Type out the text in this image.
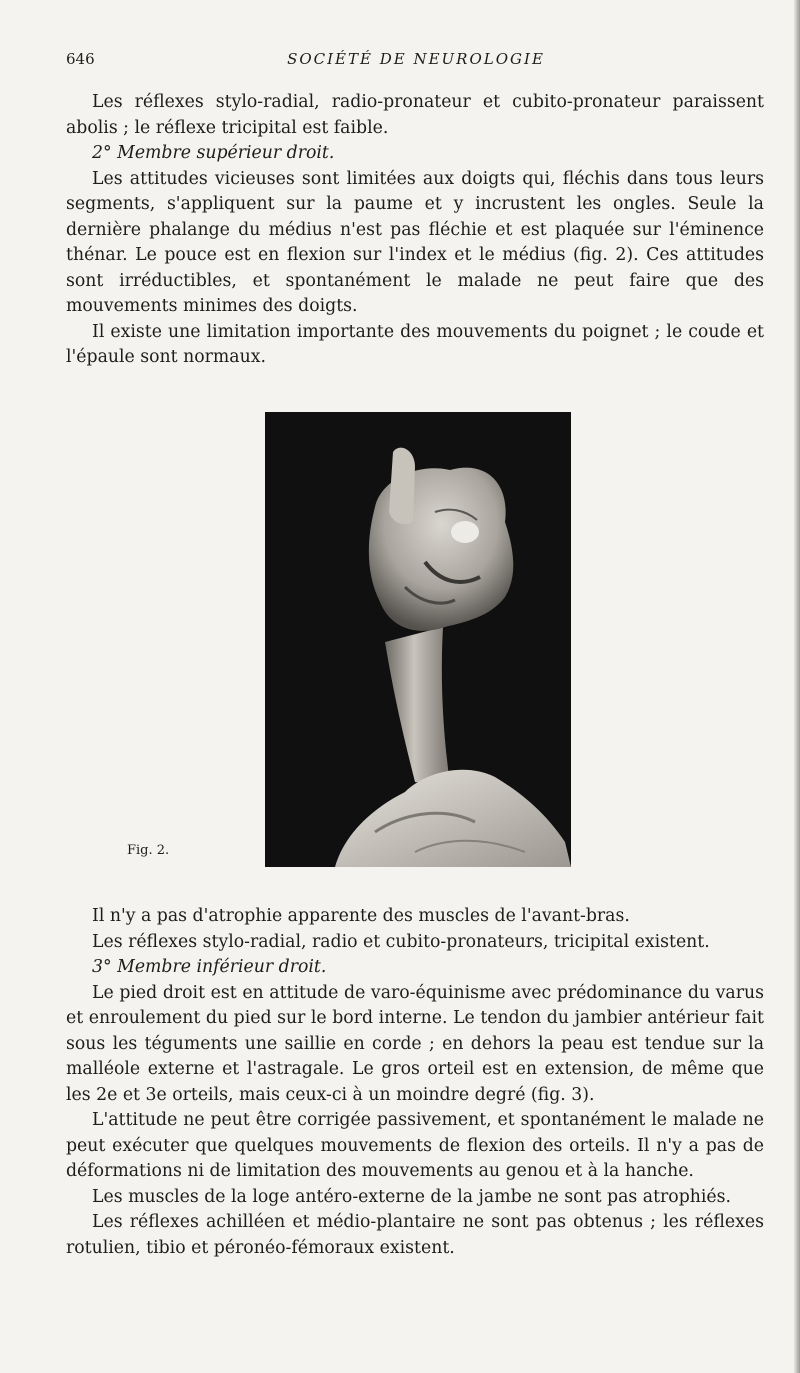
646	SOCIÉTÉ DE NEUROLOGIE

Les réflexes stylo-radial, radio-pronateur et cubito-pronateur paraissent abolis ; le réflexe tricipital est faible.

2° Membre supérieur droit.

Les attitudes vicieuses sont limitées aux doigts qui, fléchis dans tous leurs segments, s'appliquent sur la paume et y incrustent les ongles. Seule la dernière phalange du médius n'est pas fléchie et est plaquée sur l'éminence thénar. Le pouce est en flexion sur l'index et le médius (fig. 2). Ces attitudes sont irréductibles, et spontanément le malade ne peut faire que des mouvements minimes des doigts.

Il existe une limitation importante des mouvements du poignet ; le coude et l'épaule sont normaux.

Fig. 2.

Il n'y a pas d'atrophie apparente des muscles de l'avant-bras.

Les réflexes stylo-radial, radio et cubito-pronateurs, tricipital existent.

3° Membre inférieur droit.

Le pied droit est en attitude de varo-équinisme avec prédominance du varus et enroulement du pied sur le bord interne. Le tendon du jambier antérieur fait sous les téguments une saillie en corde ; en dehors la peau est tendue sur la malléole externe et l'astragale. Le gros orteil est en extension, de même que les 2e et 3e orteils, mais ceux-ci à un moindre degré (fig. 3).

L'attitude ne peut être corrigée passivement, et spontanément le malade ne peut exécuter que quelques mouvements de flexion des orteils. Il n'y a pas de déformations ni de limitation des mouvements au genou et à la hanche.

Les muscles de la loge antéro-externe de la jambe ne sont pas atrophiés.

Les réflexes achilléen et médio-plantaire ne sont pas obtenus ; les réflexes rotulien, tibio et péronéo-fémoraux existent.
